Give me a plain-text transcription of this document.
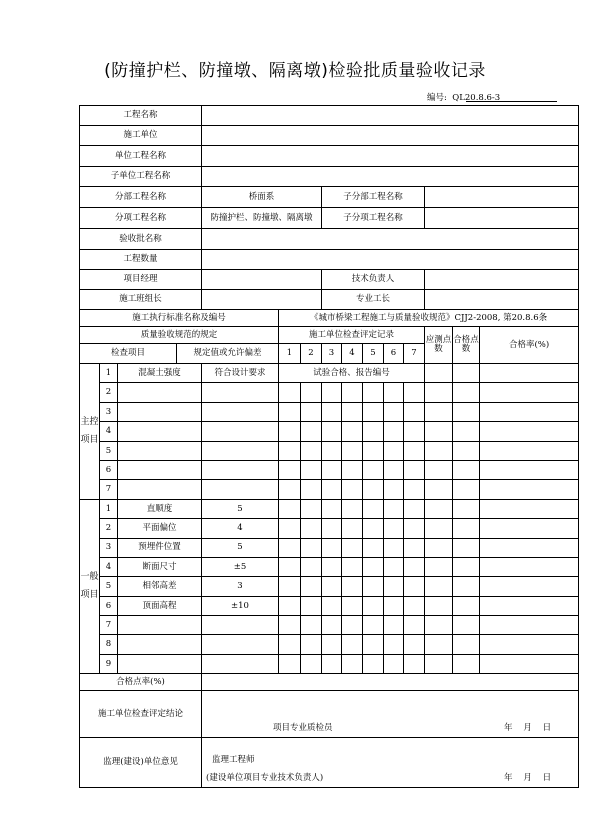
(防撞护栏、防撞墩、隔离墩)检验批质量验收记录
编号: QL20.8.6-3
工程名称														
施工单位														
单位工程名称														
子单位工程名称														
分部工程名称				桥面系			子分部工程名称							
分项工程名称				防撞护栏、防撞墩、隔离墩			子分项工程名称							
验收批名称														
工程数量														
项目经理							技术负责人							
施工班组长							专业工长							
施工执行标准名称及编号					《城市桥梁工程施工与质量验收规范》CJJ2-2008, 第20.8.6条									
质量验收规范的规定					施工单位检查评定记录							应测点数	合格点数	合格率(%)
检查项目			规定值或允许偏差		1	2	3	4	5	6	7			
主控项目	1	混凝土强度		符合设计要求	试验合格、报告编号									
	2													
	3													
	4													
	5													
	6													
	7													
一般项目	1	直顺度		5										
	2	平面偏位		4										
	3	预埋件位置		5										
	4	断面尺寸		±5										
	5	相邻高差		3										
	6	顶面高程		±10										
	7													
	8													
	9													
合格点率(%)														
施工单位检查评定结论				项目专业质检员 年    月    日										

监理(建设)单位意见				监理工程师
(建设单位项目专业技术负责人) 年    月    日										
